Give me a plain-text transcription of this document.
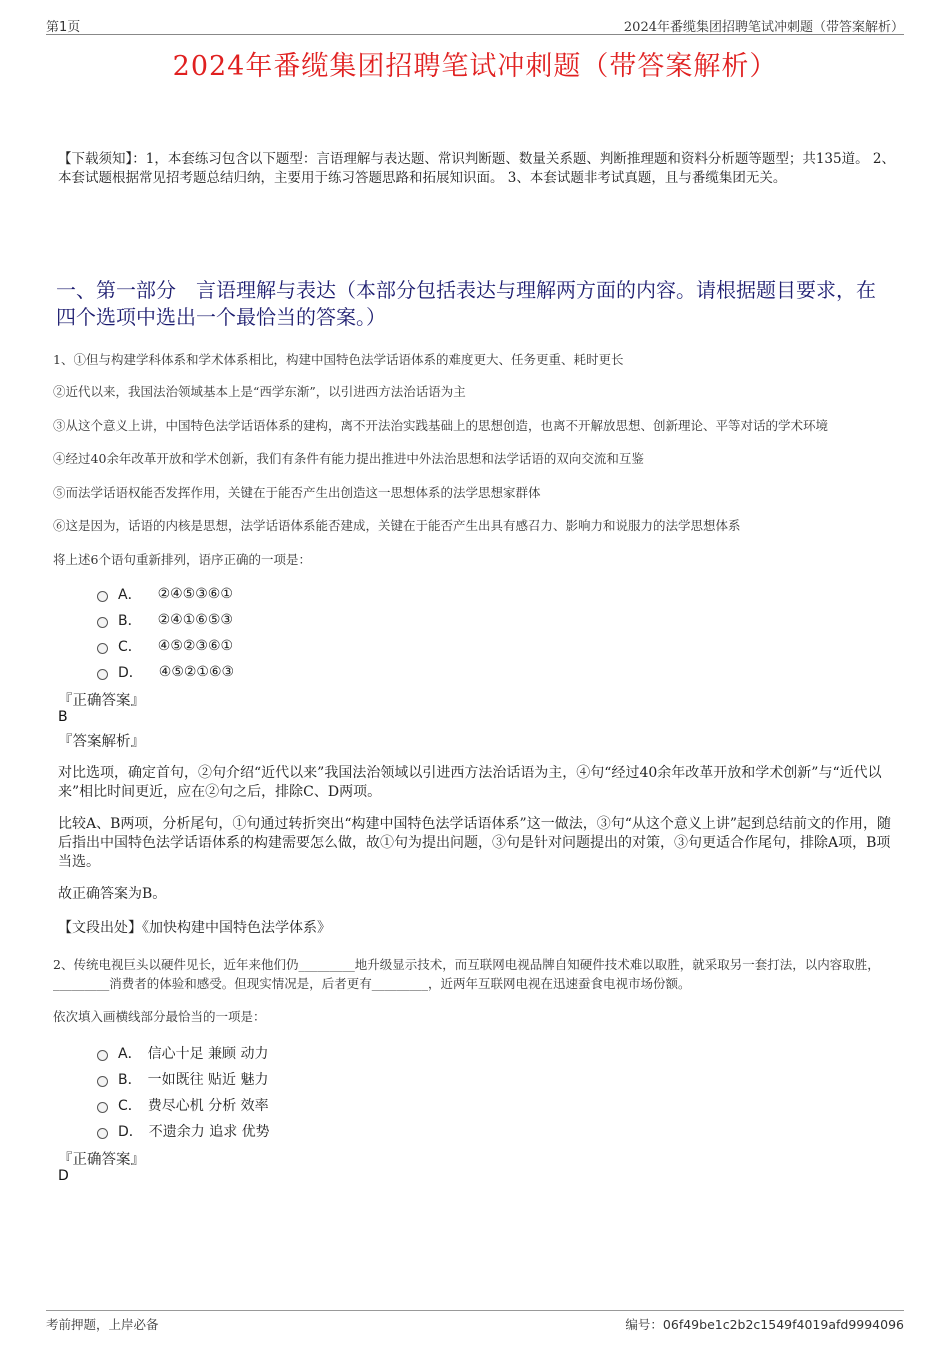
第1页	2024年番缆集团招聘笔试冲刺题（带答案解析）
2024年番缆集团招聘笔试冲刺题（带答案解析）
【下载须知】：1，本套练习包含以下题型：言语理解与表达题、常识判断题、数量关系题、判断推理题和资料分析题等题型；共135道。 2、本套试题根据常见招考题总结归纳，主要用于练习答题思路和拓展知识面。 3、本套试题非考试真题，且与番缆集团无关。
一、第一部分　言语理解与表达（本部分包括表达与理解两方面的内容。请根据题目要求，在四个选项中选出一个最恰当的答案。）
1、①但与构建学科体系和学术体系相比，构建中国特色法学话语体系的难度更大、任务更重、耗时更长
②近代以来，我国法治领域基本上是“西学东渐”，以引进西方法治话语为主
③从这个意义上讲，中国特色法学话语体系的建构，离不开法治实践基础上的思想创造，也离不开解放思想、创新理论、平等对话的学术环境
④经过40余年改革开放和学术创新，我们有条件有能力提出推进中外法治思想和法学话语的双向交流和互鉴
⑤而法学话语权能否发挥作用，关键在于能否产生出创造这一思想体系的法学思想家群体
⑥这是因为，话语的内核是思想，法学话语体系能否建成，关键在于能否产生出具有感召力、影响力和说服力的法学思想体系
将上述6个语句重新排列，语序正确的一项是：
A． ②④⑤③⑥①
B． ②④①⑥⑤③
C． ④⑤②③⑥①
D． ④⑤②①⑥③
『正确答案』
B
『答案解析』
对比选项，确定首句，②句介绍“近代以来”我国法治领域以引进西方法治话语为主，④句“经过40余年改革开放和学术创新”与“近代以来”相比时间更近，应在②句之后，排除C、D两项。
比较A、B两项，分析尾句，①句通过转折突出“构建中国特色法学话语体系”这一做法，③句“从这个意义上讲”起到总结前文的作用，随后指出中国特色法学话语体系的构建需要怎么做，故①句为提出问题，③句是针对问题提出的对策，③句更适合作尾句，排除A项，B项当选。
故正确答案为B。
【文段出处】《加快构建中国特色法学体系》
2、传统电视巨头以硬件见长，近年来他们仍_________地升级显示技术，而互联网电视品牌自知硬件技术难以取胜，就采取另一套打法，以内容取胜，_________消费者的体验和感受。但现实情况是，后者更有_________，近两年互联网电视在迅速蚕食电视市场份额。
依次填入画横线部分最恰当的一项是：
A． 信心十足 兼顾 动力
B． 一如既往 贴近 魅力
C． 费尽心机 分析 效率
D． 不遗余力 追求 优势
『正确答案』
D
考前押题，上岸必备	编号：06f49be1c2b2c1549f4019afd9994096
